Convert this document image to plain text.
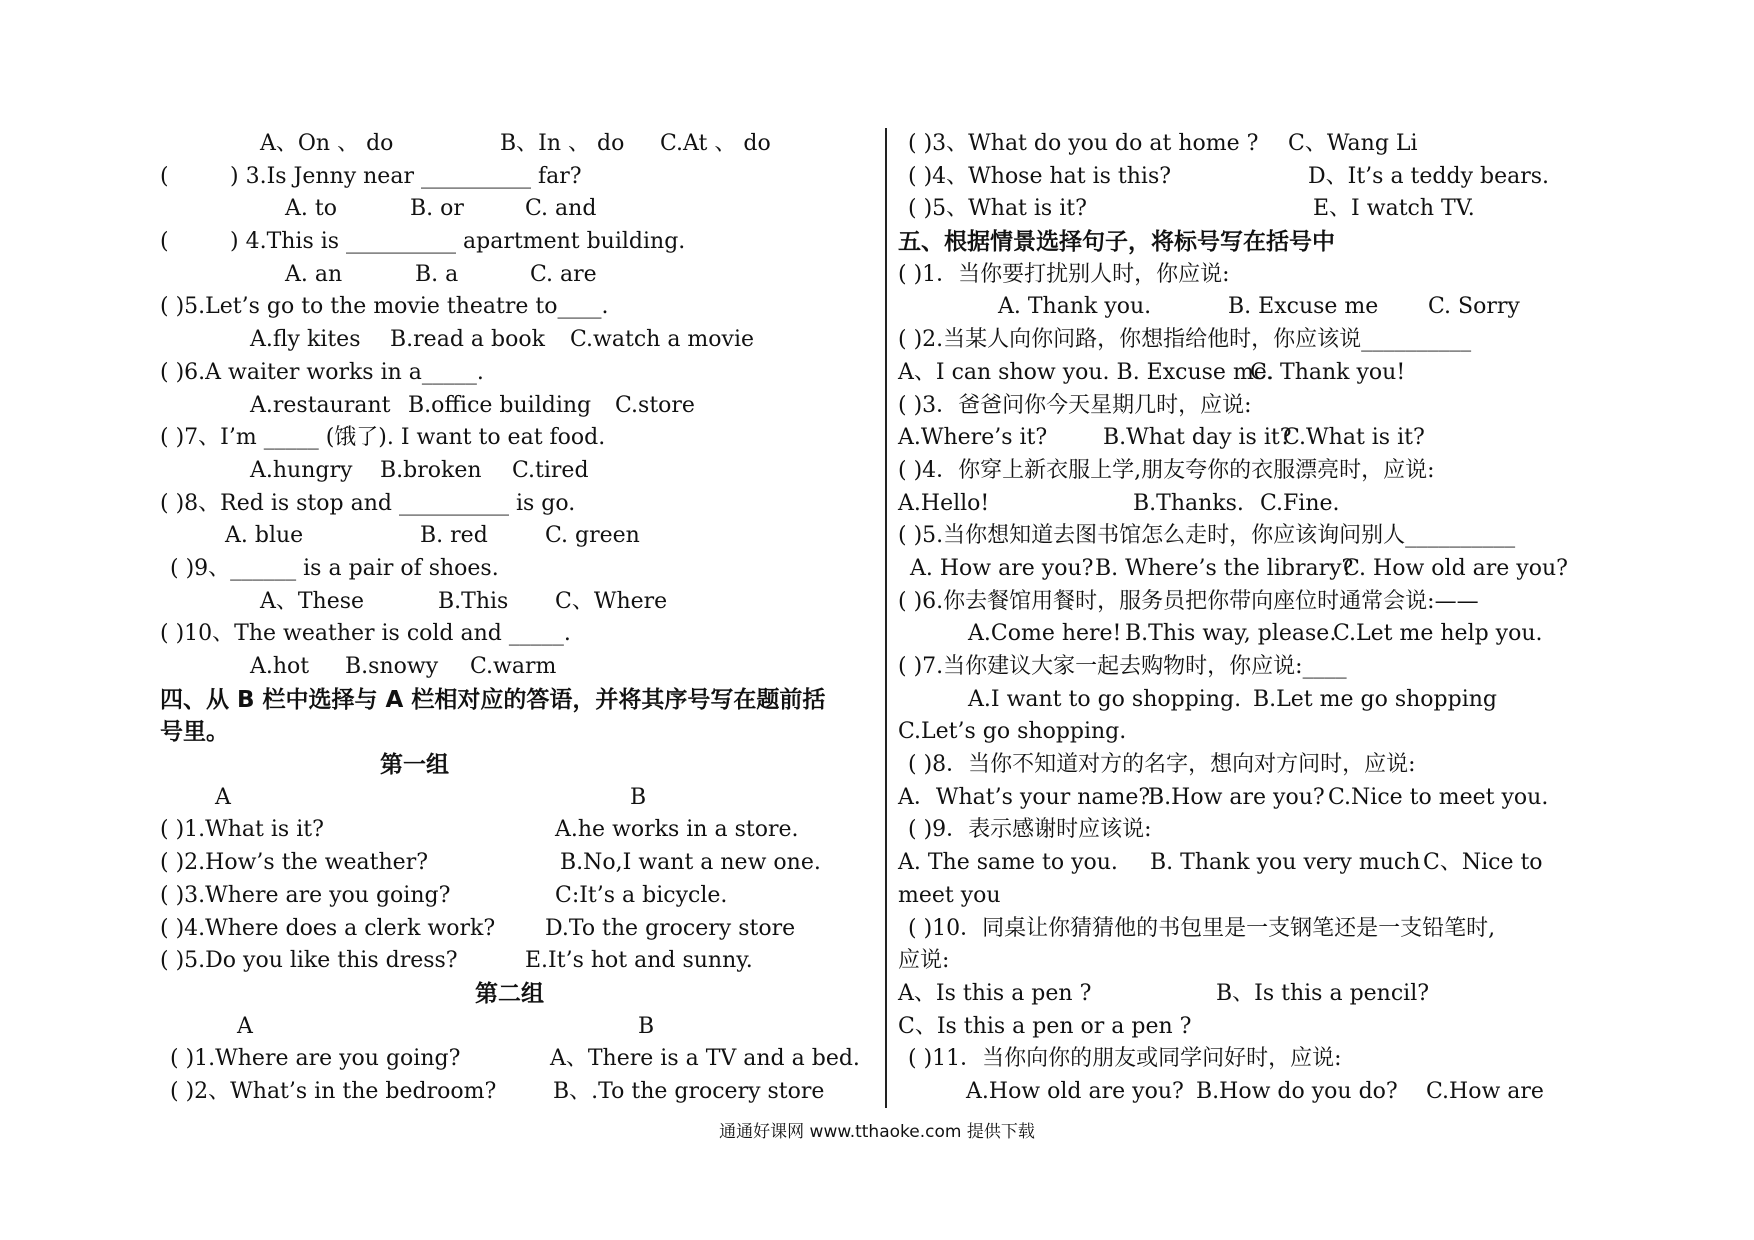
A、On 、 do	B、In 、 do C.At 、 do
(	) 3.Is Jenny near __________ far?
A. to	B. or	C. and
(	) 4.This is __________ apartment building.
A. an	B. a	C. are
( )5.Let’s go to the movie theatre to____.
A.fly kites B.read a book C.watch a movie
( )6.A waiter works in a_____.
A.restaurant B.office building C.store
( )7、I’m _____ (饿了). I want to eat food.
A.hungry B.broken C.tired
( )8、Red is stop and __________ is go.
A. blue	B. red	C. green
( )9、______ is a pair of shoes.
A、These	B.This C、Where
( )10、The weather is cold and _____.
A.hot B.snowy C.warm
四、从 B 栏中选择与 A 栏相对应的答语，并将其序号写在题前括
号里。
第一组
A	B
( )1.What is it?	A.he works in a store.
( )2.How’s the weather?	B.No,I want a new one.
( )3.Where are you going?	C:It’s a bicycle.
( )4.Where does a clerk work? D.To the grocery store
( )5.Do you like this dress?	E.It’s hot and sunny.
第二组
A	B
( )1.Where are you going?	A、There is a TV and a bed.
( )2、What’s in the bedroom?	B、.To the grocery store
( )3、What do you do at home ? C、Wang Li
( )4、Whose hat is this?	D、It’s a teddy bears.
( )5、What is it?	E、I watch TV.
五、根据情景选择句子，将标号写在括号中
( )1．当你要打扰别人时，你应说:
A. Thank you.	B. Excuse me C. Sorry
( )2.当某人向你问路，你想指给他时，你应该说__________
A、I can show you. B. Excuse me.
C. Thank you!
( )3．爸爸问你今天星期几时，应说:
A.Where’s it?	B.What day is it?
C.What is it?
( )4．你穿上新衣服上学,朋友夸你的衣服漂亮时，应说:
A.Hello!	B.Thanks. C.Fine.
( )5.当你想知道去图书馆怎么走时，你应该询问别人__________
A. How are you? B. Where’s the library?
C. How old are you?
( )6.你去餐馆用餐时，服务员把你带向座位时通常会说:——
A.Come here! B.This way, please.
C.Let me help you.
( )7.当你建议大家一起去购物时，你应说:____
A.I want to go shopping. B.Let me go shopping
C.Let’s go shopping.
( )8．当你不知道对方的名字，想向对方问时，应说:
A．What’s your name?
B.How are you? C.Nice to meet you.
( )9．表示感谢时应该说:
A. The same to you. B. Thank you very much C、Nice to
meet you
( )10．同桌让你猜猜他的书包里是一支钢笔还是一支铅笔时,
应说:
A、Is this a pen ?	B、Is this a pencil?
C、Is this a pen or a pen ?
( )11．当你向你的朋友或同学问好时，应说:
A.How old are you? B.How do you do? C.How are
通通好课网 www.tthaoke.com 提供下载
